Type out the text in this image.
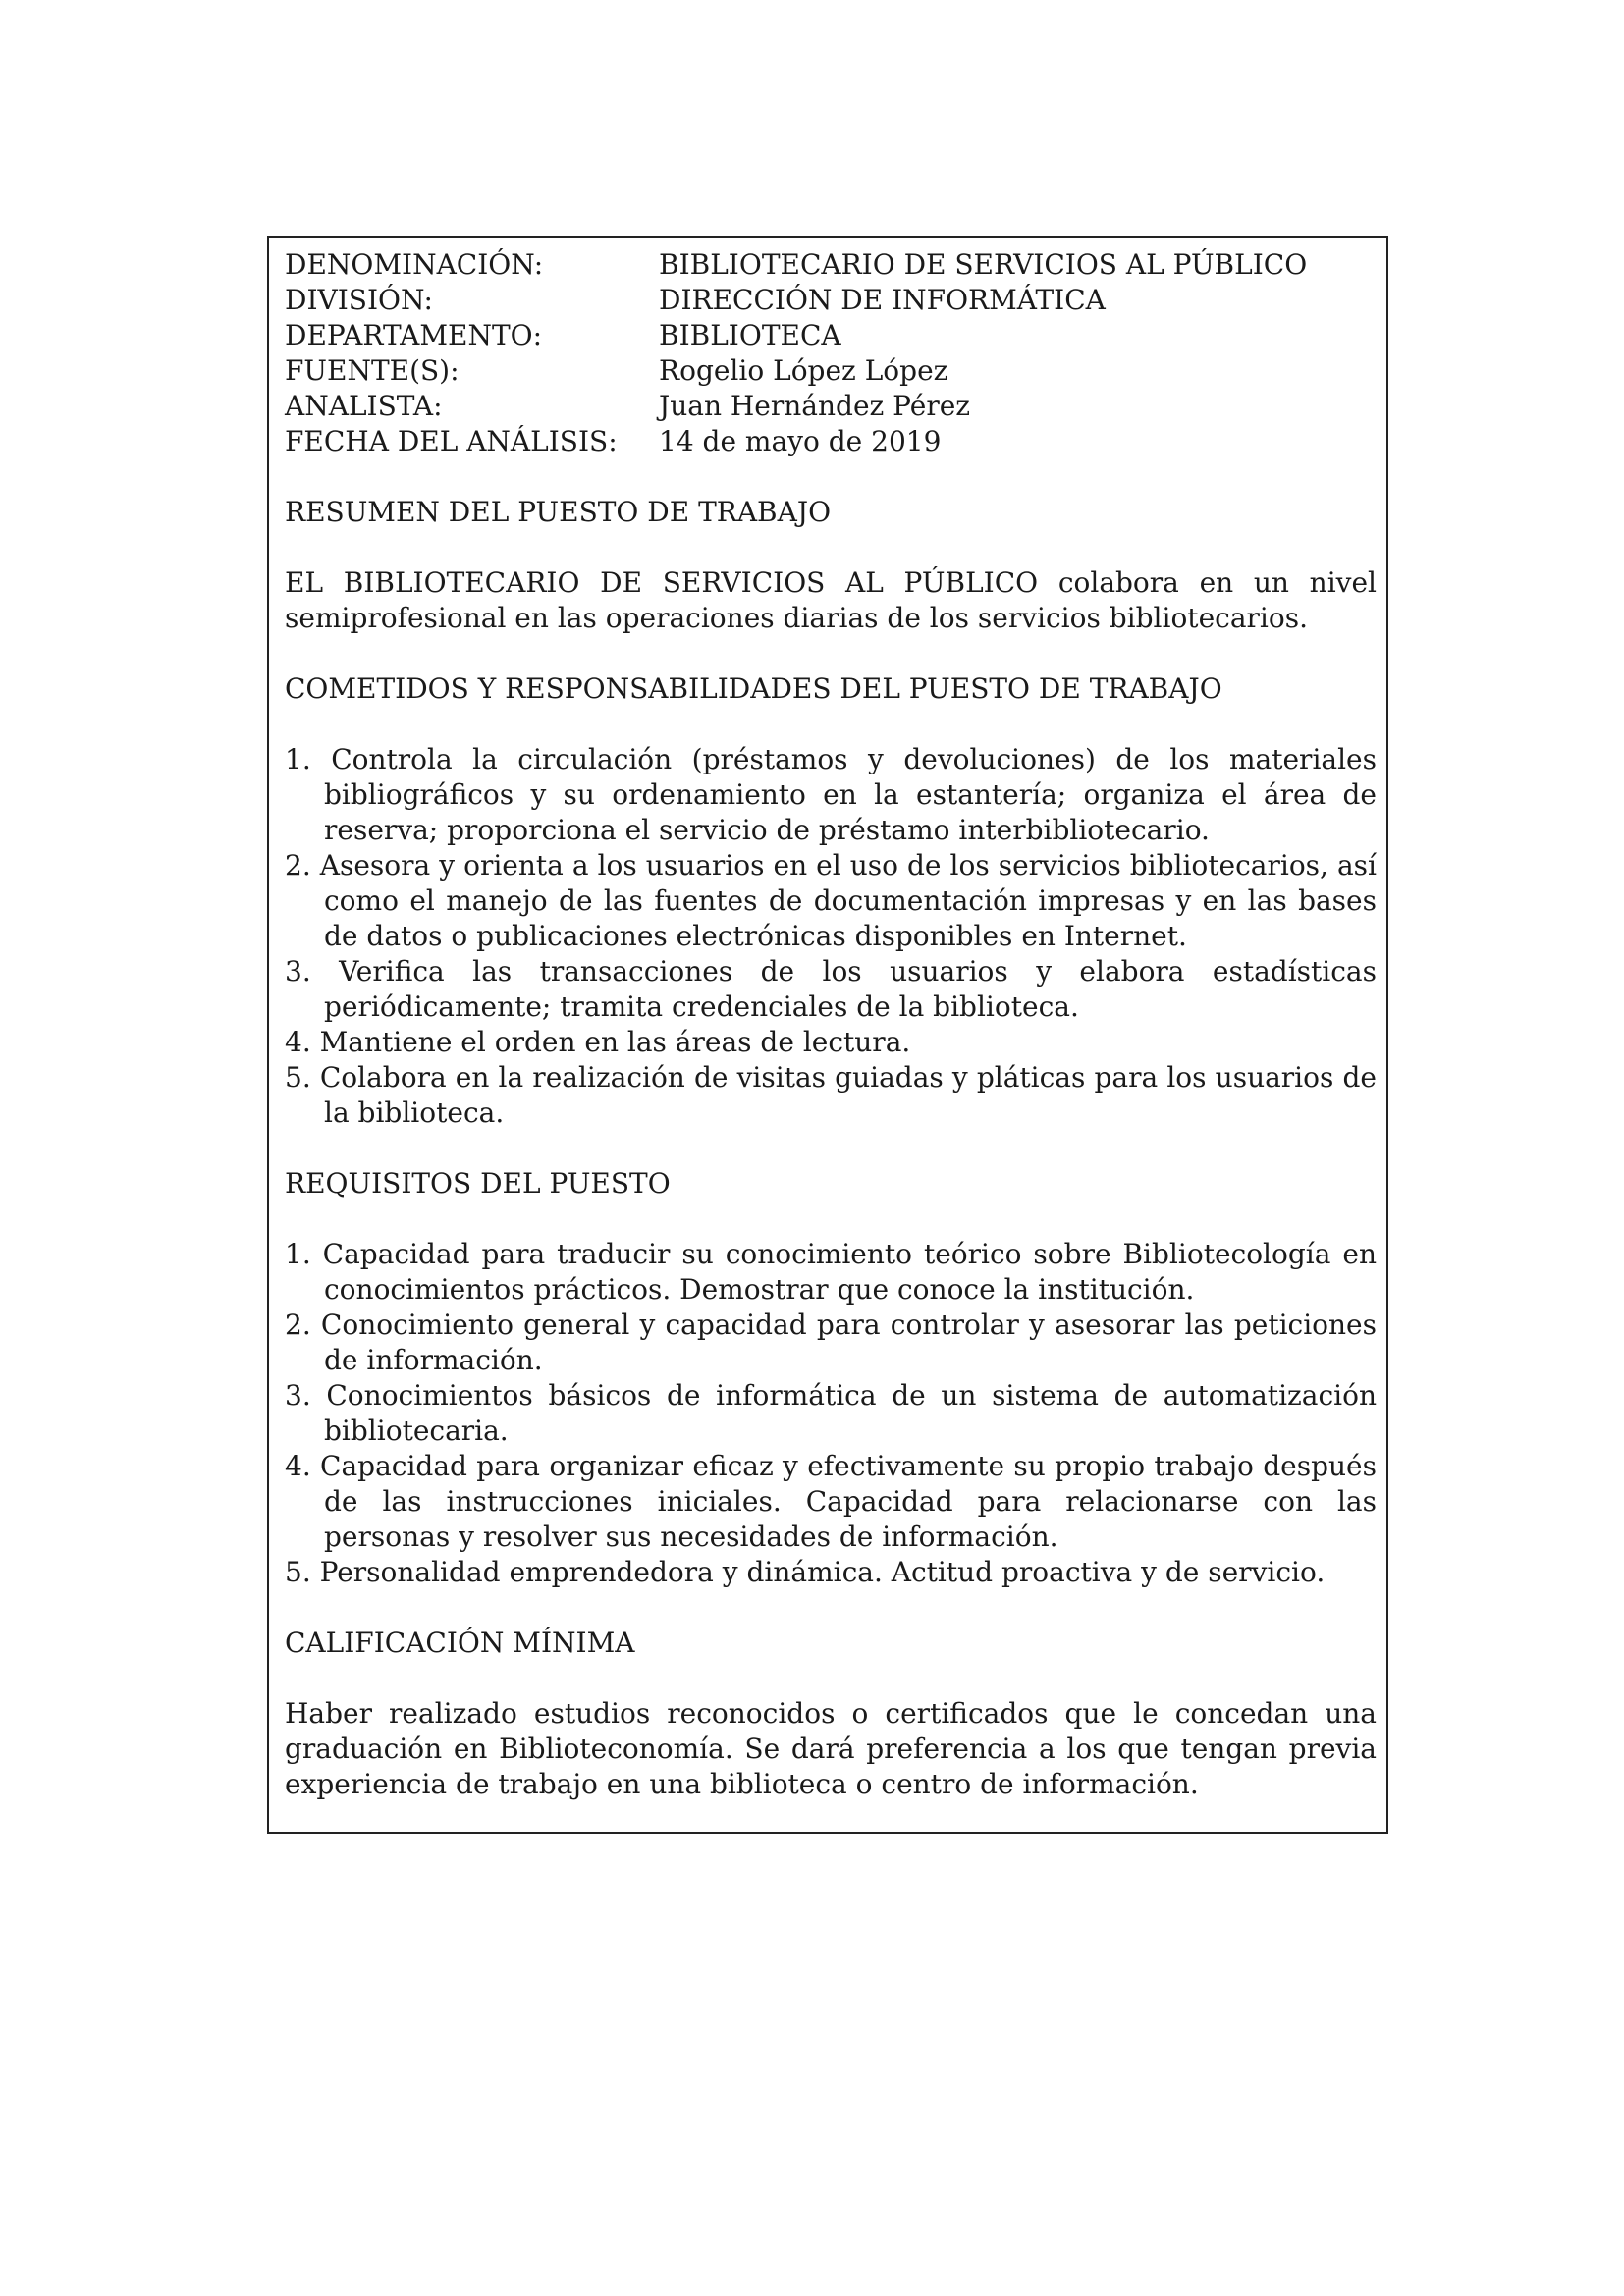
DENOMINACIÓN:	BIBLIOTECARIO DE SERVICIOS AL PÚBLICO
DIVISIÓN:	DIRECCIÓN DE INFORMÁTICA
DEPARTAMENTO:	BIBLIOTECA
FUENTE(S):	Rogelio López López
ANALISTA:	Juan Hernández Pérez
FECHA DEL ANÁLISIS:	14 de mayo de 2019
RESUMEN DEL PUESTO DE TRABAJO
EL BIBLIOTECARIO DE SERVICIOS AL PÚBLICO colabora en un nivel semiprofesional en las operaciones diarias de los servicios bibliotecarios.
COMETIDOS Y RESPONSABILIDADES DEL PUESTO DE TRABAJO
1. Controla la circulación (préstamos y devoluciones) de los materiales bibliográficos y su ordenamiento en la estantería; organiza el área de reserva; proporciona el servicio de préstamo interbibliotecario.
2. Asesora y orienta a los usuarios en el uso de los servicios bibliotecarios, así como el manejo de las fuentes de documentación impresas y en las bases de datos o publicaciones electrónicas disponibles en Internet.
3. Verifica las transacciones de los usuarios y elabora estadísticas periódicamente; tramita credenciales de la biblioteca.
4. Mantiene el orden en las áreas de lectura.
5. Colabora en la realización de visitas guiadas y pláticas para los usuarios de la biblioteca.
REQUISITOS DEL PUESTO
1. Capacidad para traducir su conocimiento teórico sobre Bibliotecología en conocimientos prácticos. Demostrar que conoce la institución.
2. Conocimiento general y capacidad para controlar y asesorar las peticiones de información.
3. Conocimientos básicos de informática de un sistema de automatización bibliotecaria.
4. Capacidad para organizar eficaz y efectivamente su propio trabajo después de las instrucciones iniciales. Capacidad para relacionarse con las personas y resolver sus necesidades de información.
5. Personalidad emprendedora y dinámica. Actitud proactiva y de servicio.
CALIFICACIÓN MÍNIMA
Haber realizado estudios reconocidos o certificados que le concedan una graduación en Biblioteconomía. Se dará preferencia a los que tengan previa experiencia de trabajo en una biblioteca o centro de información.
